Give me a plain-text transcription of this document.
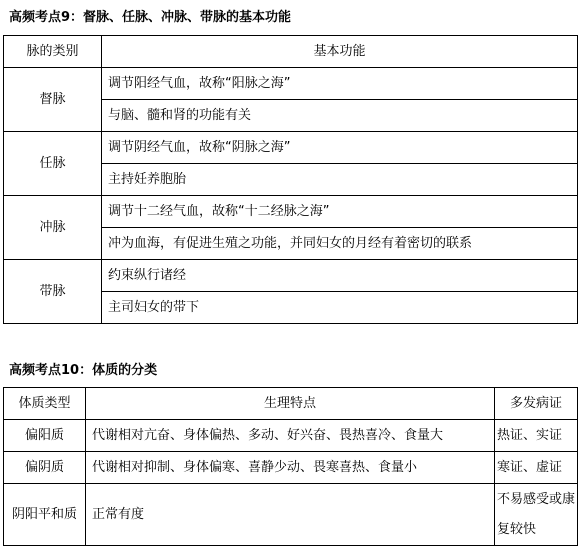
高频考点9：督脉、任脉、冲脉、带脉的基本功能
脉的类别	基本功能
督脉	调节阳经气血，故称“阳脉之海”
	与脑、髓和肾的功能有关
任脉	调节阴经气血，故称“阴脉之海”
	主持妊养胞胎
冲脉	调节十二经气血，故称“十二经脉之海”
	冲为血海，有促进生殖之功能，并同妇女的月经有着密切的联系
带脉	约束纵行诸经
	主司妇女的带下
高频考点10：体质的分类
体质类型	生理特点	多发病证
偏阳质	代谢相对亢奋、身体偏热、多动、好兴奋、畏热喜冷、食量大	热证、实证
偏阴质	代谢相对抑制、身体偏寒、喜静少动、畏寒喜热、食量小	寒证、虚证
阴阳平和质	正常有度	不易感受或康复较快
